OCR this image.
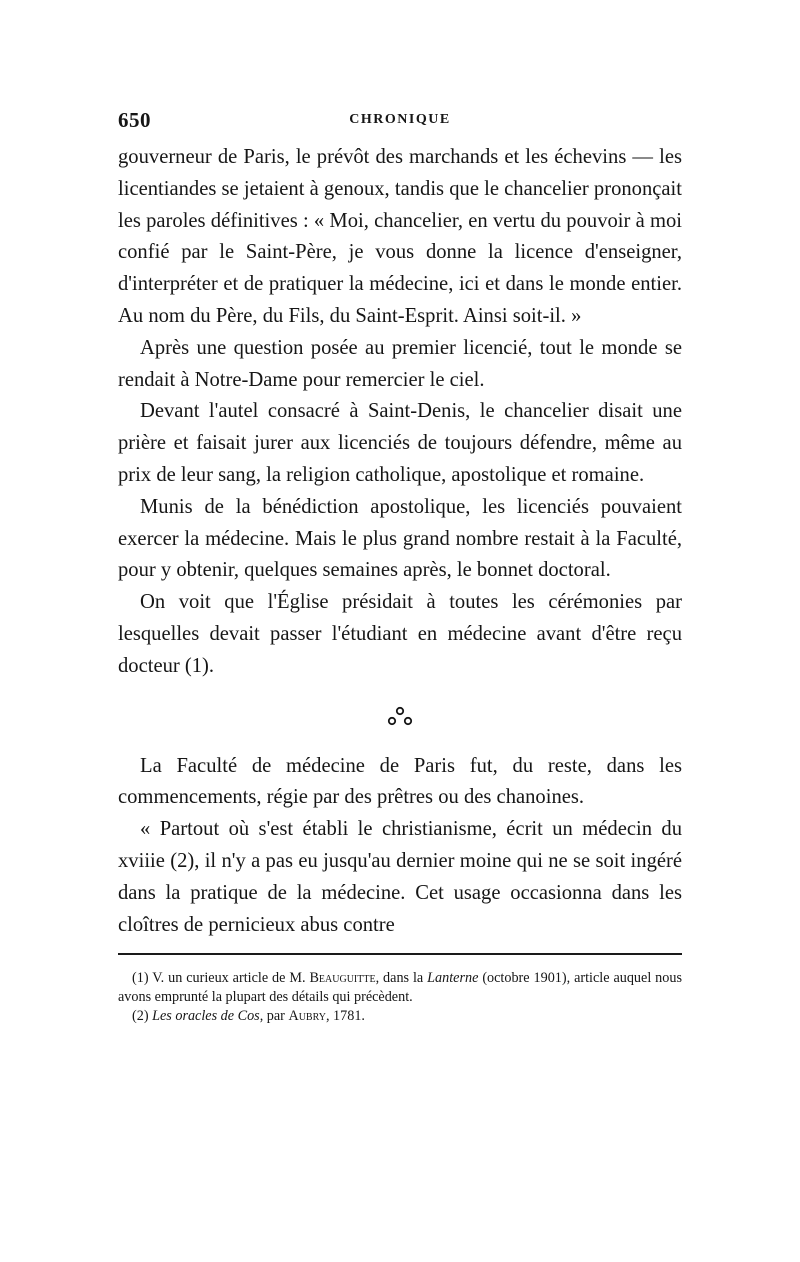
650	CHRONIQUE

gouverneur de Paris, le prévôt des marchands et les échevins — les licentiandes se jetaient à genoux, tandis que le chancelier prononçait les paroles définitives : « Moi, chancelier, en vertu du pouvoir à moi confié par le Saint-Père, je vous donne la licence d'enseigner, d'interpréter et de pratiquer la médecine, ici et dans le monde entier. Au nom du Père, du Fils, du Saint-Esprit. Ainsi soit-il. »

Après une question posée au premier licencié, tout le monde se rendait à Notre-Dame pour remercier le ciel.

Devant l'autel consacré à Saint-Denis, le chancelier disait une prière et faisait jurer aux licenciés de toujours défendre, même au prix de leur sang, la religion catholique, apostolique et romaine.

Munis de la bénédiction apostolique, les licenciés pouvaient exercer la médecine. Mais le plus grand nombre restait à la Faculté, pour y obtenir, quelques semaines après, le bonnet doctoral.

On voit que l'Église présidait à toutes les cérémonies par lesquelles devait passer l'étudiant en médecine avant d'être reçu docteur (1).

La Faculté de médecine de Paris fut, du reste, dans les commencements, régie par des prêtres ou des chanoines.

« Partout où s'est établi le christianisme, écrit un médecin du xviiie (2), il n'y a pas eu jusqu'au dernier moine qui ne se soit ingéré dans la pratique de la médecine. Cet usage occasionna dans les cloîtres de pernicieux abus contre

(1) V. un curieux article de M. Beauguitte, dans la Lanterne (octobre 1901), article auquel nous avons emprunté la plupart des détails qui précèdent.

(2) Les oracles de Cos, par Aubry, 1781.
